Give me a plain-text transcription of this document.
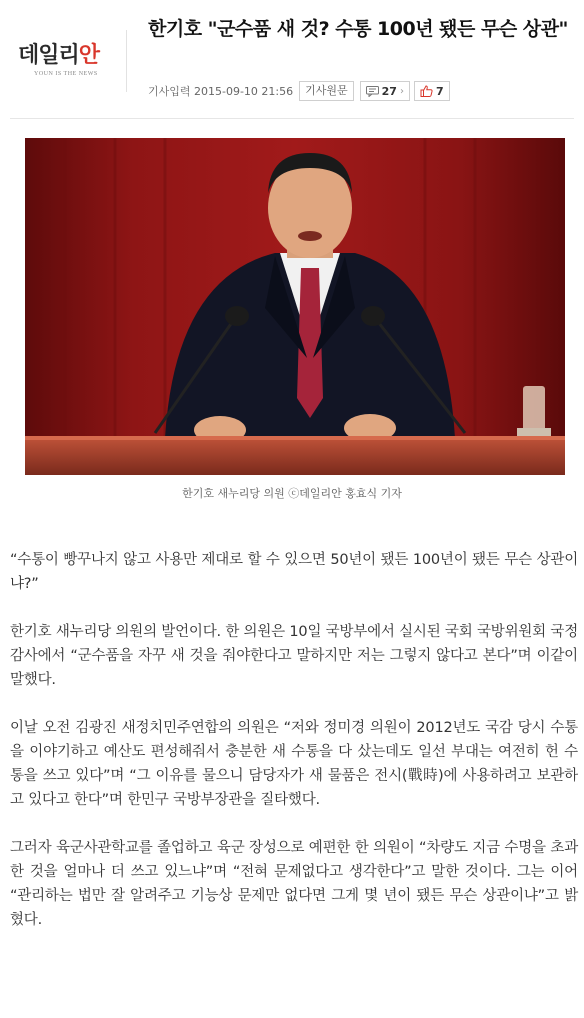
데일리안
YOUN IS THE NEWS
한기호 "군수품 새 것? 수통 100년 됐든 무슨 상관"
기사입력 2015-09-10 21:56	기사원문	27 ›	7
한기호 새누리당 의원 ⓒ데일리안 홍효식 기자

“수통이 빵꾸나지 않고 사용만 제대로 할 수 있으면 50년이 됐든 100년이 됐든 무슨 상관이냐?”

한기호 새누리당 의원의 발언이다. 한 의원은 10일 국방부에서 실시된 국회 국방위원회 국정감사에서 “군수품을 자꾸 새 것을 줘야한다고 말하지만 저는 그렇지 않다고 본다”며 이같이 말했다.

이날 오전 김광진 새정치민주연합의 의원은 “저와 정미경 의원이 2012년도 국감 당시 수통을 이야기하고 예산도 편성해줘서 충분한 새 수통을 다 샀는데도 일선 부대는 여전히 헌 수통을 쓰고 있다”며 “그 이유를 물으니 담당자가 새 물품은 전시(戰時)에 사용하려고 보관하고 있다고 한다”며 한민구 국방부장관을 질타했다.

그러자 육군사관학교를 졸업하고 육군 장성으로 예편한 한 의원이 “차량도 지금 수명을 초과한 것을 얼마나 더 쓰고 있느냐”며 “전혀 문제없다고 생각한다”고 말한 것이다. 그는 이어 “관리하는 법만 잘 알려주고 기능상 문제만 없다면 그게 몇 년이 됐든 무슨 상관이냐”고 밝혔다.
